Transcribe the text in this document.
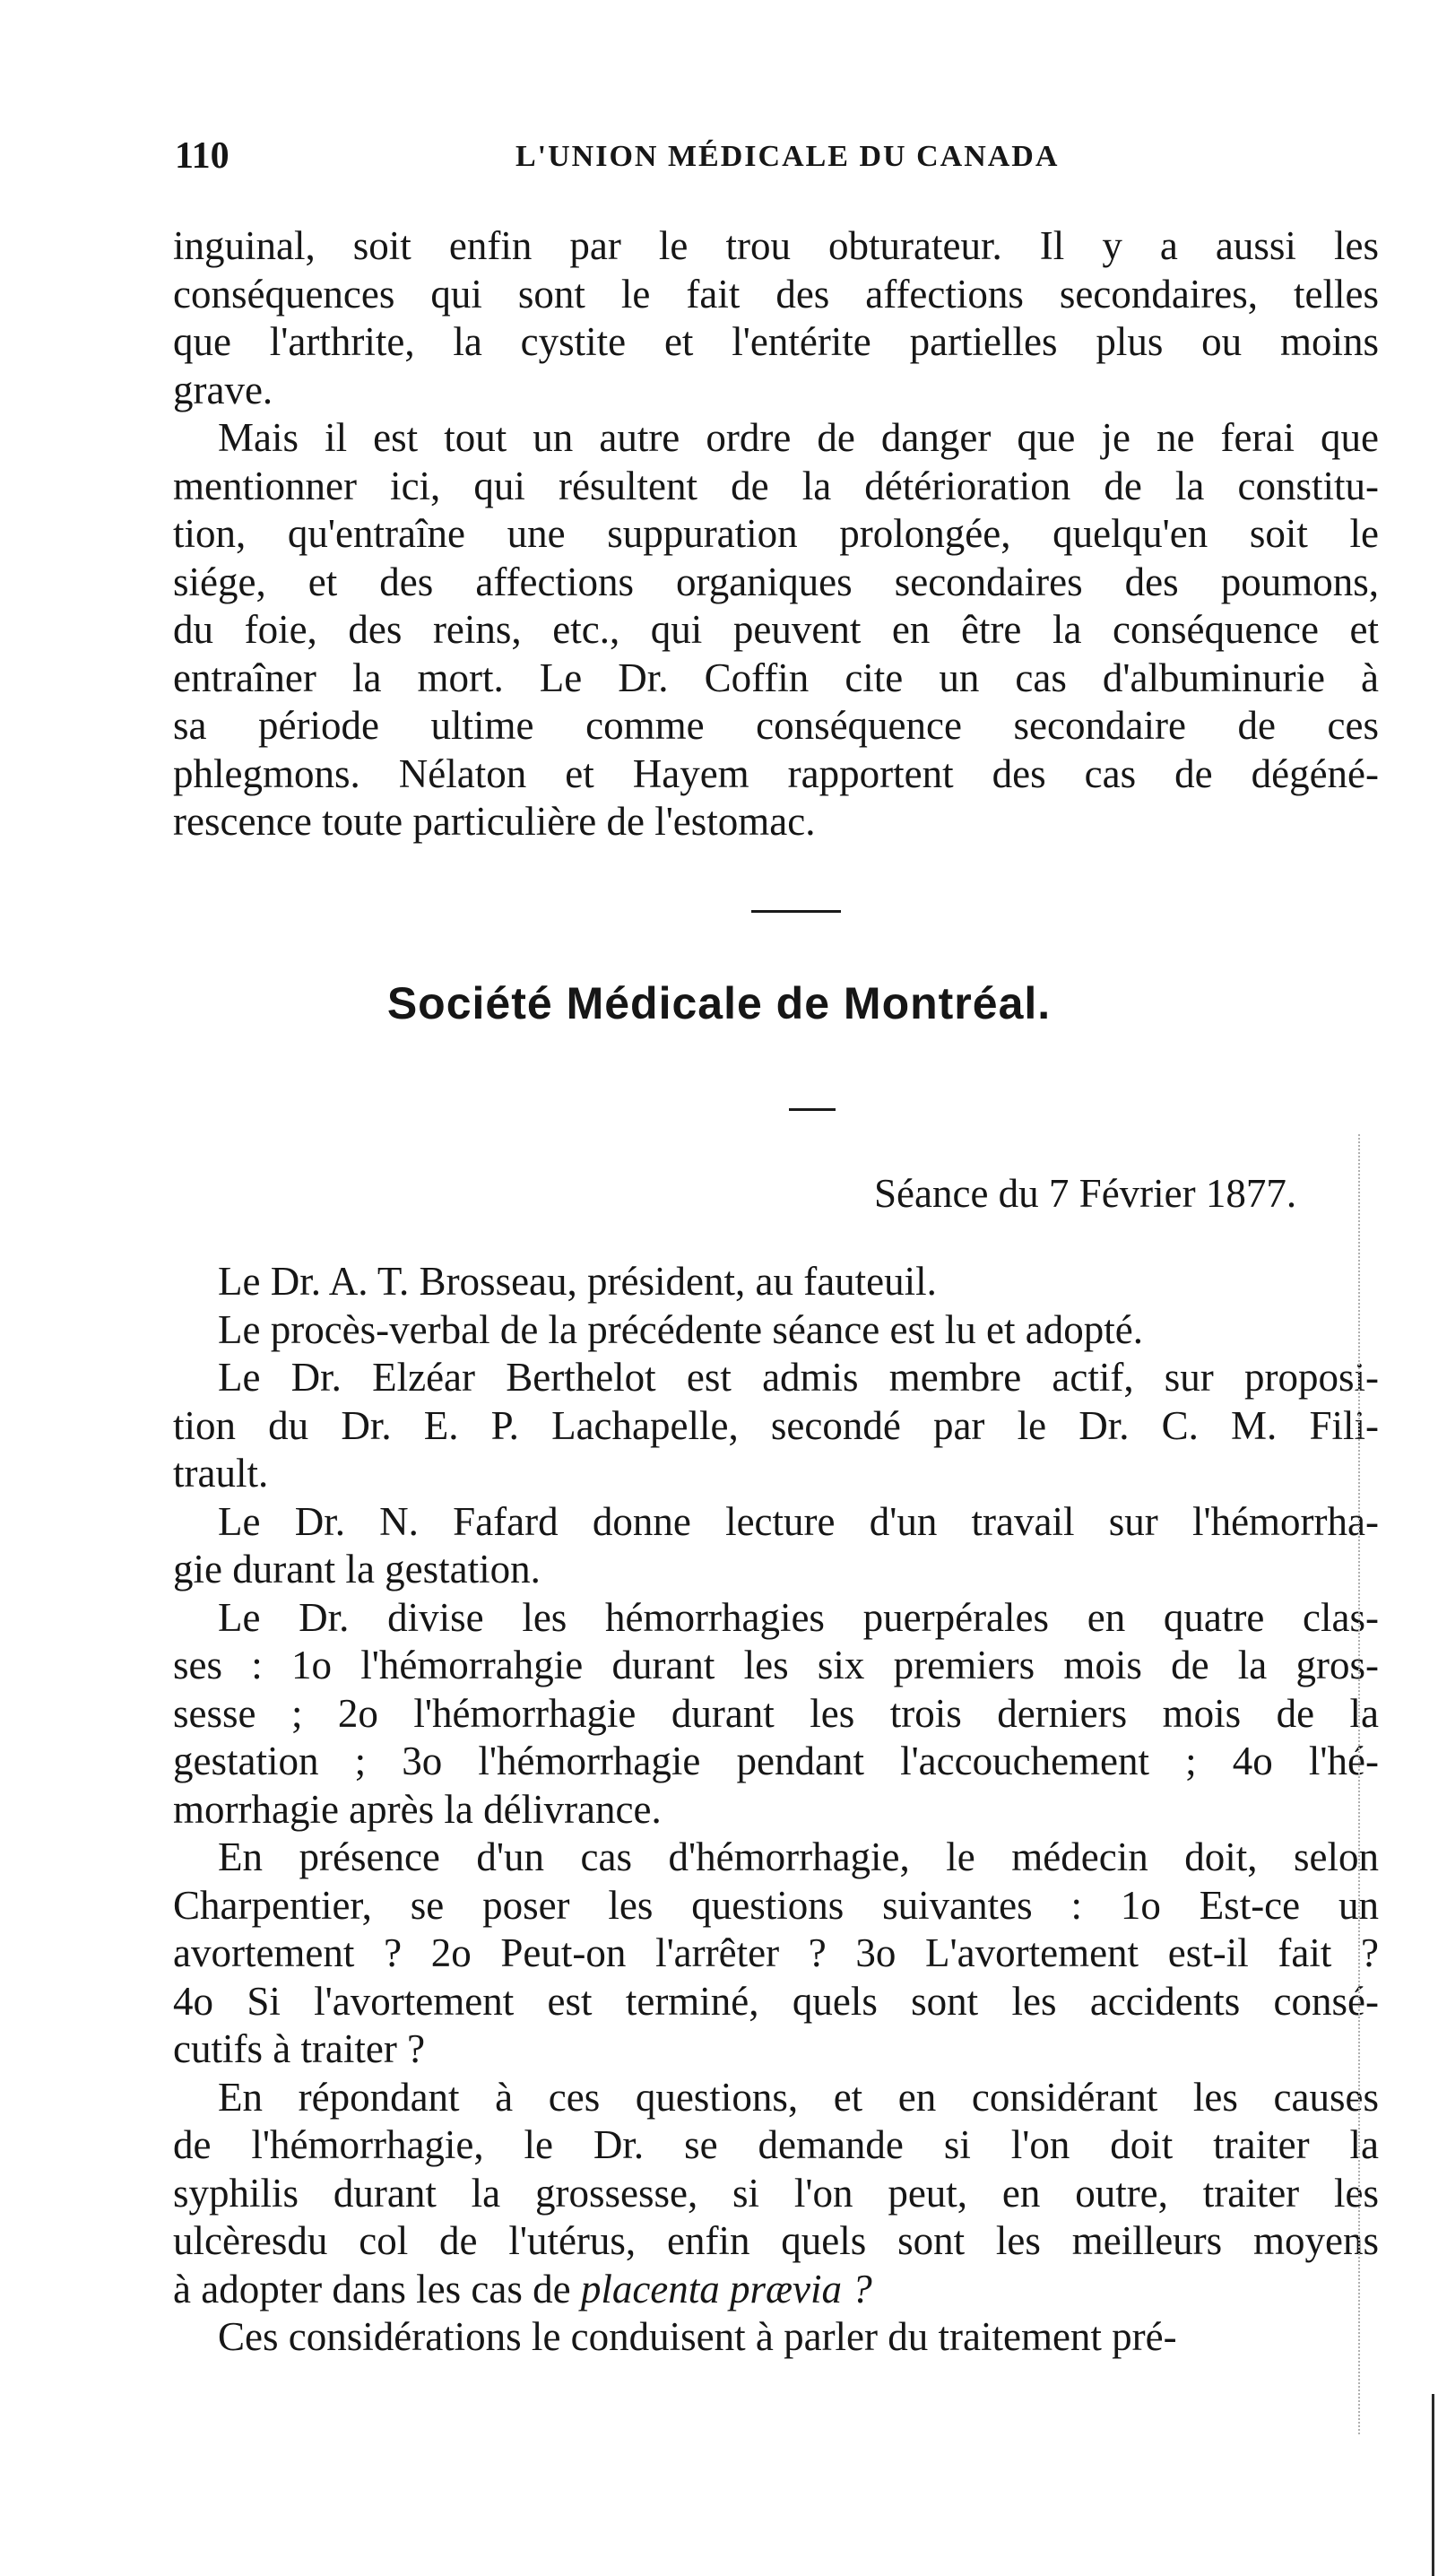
110	L'UNION MÉDICALE DU CANADA
inguinal, soit enfin par le trou obturateur. Il y a aussi les
conséquences qui sont le fait des affections secondaires, telles
que l'arthrite, la cystite et l'entérite partielles plus ou moins
grave.
Mais il est tout un autre ordre de danger que je ne ferai que
mentionner ici, qui résultent de la détérioration de la constitu-
tion, qu'entraîne une suppuration prolongée, quelqu'en soit le
siége, et des affections organiques secondaires des poumons,
du foie, des reins, etc., qui peuvent en être la conséquence et
entraîner la mort. Le Dr. Coffin cite un cas d'albuminurie à
sa période ultime comme conséquence secondaire de ces
phlegmons. Nélaton et Hayem rapportent des cas de dégéné-
rescence toute particulière de l'estomac.
Société Médicale de Montréal.
Séance du 7 Février 1877.
Le Dr. A. T. Brosseau, président, au fauteuil.
Le procès-verbal de la précédente séance est lu et adopté.
Le Dr. Elzéar Berthelot est admis membre actif, sur proposi-
tion du Dr. E. P. Lachapelle, secondé par le Dr. C. M. Fili-
trault.
Le Dr. N. Fafard donne lecture d'un travail sur l'hémorrha-
gie durant la gestation.
Le Dr. divise les hémorrhagies puerpérales en quatre clas-
ses : 1o l'hémorrahgie durant les six premiers mois de la gros-
sesse ; 2o l'hémorrhagie durant les trois derniers mois de la
gestation ; 3o l'hémorrhagie pendant l'accouchement ; 4o l'hé-
morrhagie après la délivrance.
En présence d'un cas d'hémorrhagie, le médecin doit, selon
Charpentier, se poser les questions suivantes : 1o Est-ce un
avortement ? 2o Peut-on l'arrêter ? 3o L'avortement est-il fait ?
4o Si l'avortement est terminé, quels sont les accidents consé-
cutifs à traiter ?
En répondant à ces questions, et en considérant les causes
de l'hémorrhagie, le Dr. se demande si l'on doit traiter la
syphilis durant la grossesse, si l'on peut, en outre, traiter les
ulcèresdu col de l'utérus, enfin quels sont les meilleurs moyens
à adopter dans les cas de placenta prævia ?
Ces considérations le conduisent à parler du traitement pré-
